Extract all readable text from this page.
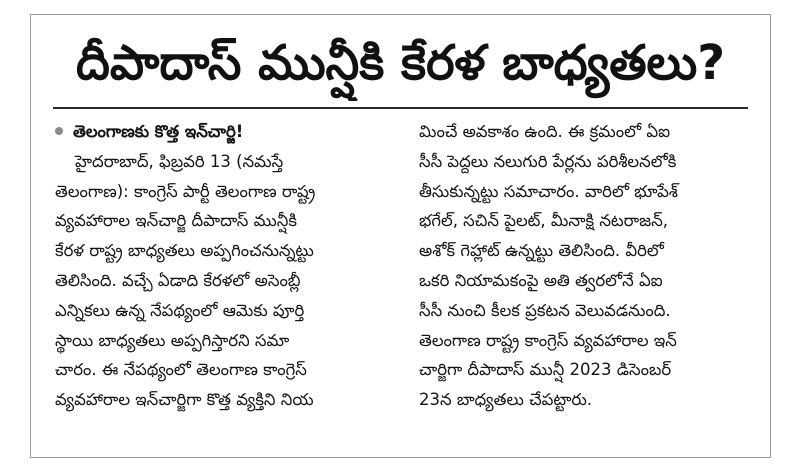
దీపాదాస్ మున్షీకి కేరళ బాధ్యతలు?
తెలంగాణకు కొత్త ఇన్‌చార్జి!
హైదరాబాద్, ఫిబ్రవరి 13 (నమస్తే
తెలంగాణ): కాంగ్రెస్ పార్టీ తెలంగాణ రాష్ట్ర
వ్యవహారాల ఇన్‌చార్జి దీపాదాస్ మున్షీకి
కేరళ రాష్ట్ర బాధ్యతలు అప్పగించనున్నట్టు
తెలిసింది. వచ్చే ఏడాది కేరళలో అసెంబ్లీ
ఎన్నికలు ఉన్న నేపథ్యంలో ఆమెకు పూర్తి
స్థాయి బాధ్యతలు అప్పగిస్తారని సమా
చారం. ఈ నేపథ్యంలో తెలంగాణ కాంగ్రెస్
వ్యవహారాల ఇన్‌చార్జిగా కొత్త వ్యక్తిని నియ
మించే అవకాశం ఉంది. ఈ క్రమంలో ఏఐ
సీసీ పెద్దలు నలుగురి పేర్లను పరిశీలనలోకి
తీసుకున్నట్టు సమాచారం. వారిలో భూపేశ్
భగేల్, సచిన్ పైలట్, మీనాక్షి నటరాజన్,
అశోక్ గెహ్లాట్ ఉన్నట్టు తెలిసింది. వీరిలో
ఒకరి నియామకంపై అతి త్వరలోనే ఏఐ
సీసీ నుంచి కీలక ప్రకటన వెలువడనుంది.
తెలంగాణ రాష్ట్ర కాంగ్రెస్ వ్యవహారాల ఇన్
చార్జిగా దీపాదాస్ మున్షీ 2023 డిసెంబర్
23న బాధ్యతలు చేపట్టారు.
